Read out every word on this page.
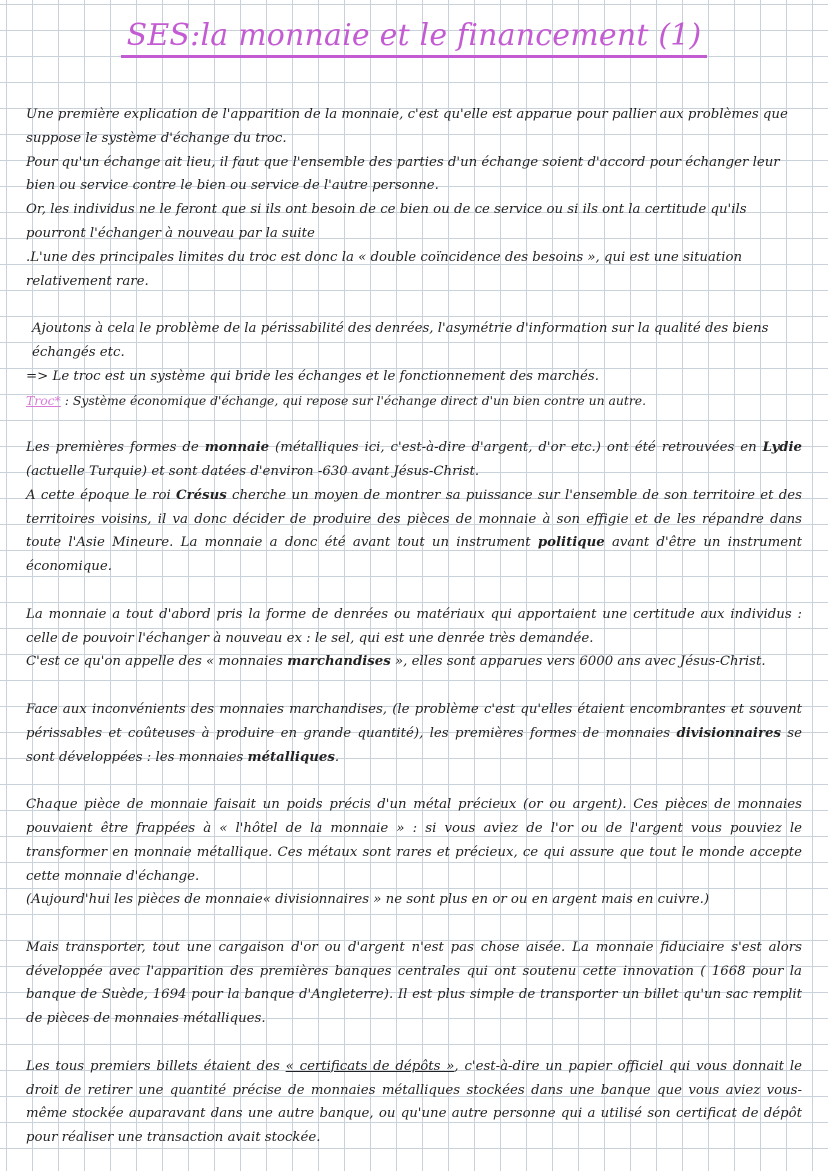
SES:la monnaie et le financement (1)

Une première explication de l'apparition de la monnaie, c'est qu'elle est apparue pour pallier aux problèmes que suppose le système d'échange du troc.

Pour qu'un échange ait lieu, il faut que l'ensemble des parties d'un échange soient d'accord pour échanger leur bien ou service contre le bien ou service de l'autre personne.

Or, les individus ne le feront que si ils ont besoin de ce bien ou de ce service ou si ils ont la certitude qu'ils pourront l'échanger à nouveau par la suite

.L'une des principales limites du troc est donc la « double coïncidence des besoins », qui est une situation relativement rare.

Ajoutons à cela le problème de la périssabilité des denrées, l'asymétrie d'information sur la qualité des biens échangés etc.

=> Le troc est un système qui bride les échanges et le fonctionnement des marchés.

Troc* : Système économique d'échange, qui repose sur l'échange direct d'un bien contre un autre.

Les premières formes de monnaie (métalliques ici, c'est-à-dire d'argent, d'or etc.) ont été retrouvées en Lydie (actuelle Turquie) et sont datées d'environ -630 avant Jésus-Christ.

A cette époque le roi Crésus cherche un moyen de montrer sa puissance sur l'ensemble de son territoire et des territoires voisins, il va donc décider de produire des pièces de monnaie à son effigie et de les répandre dans toute l'Asie Mineure. La monnaie a donc été avant tout un instrument politique avant d'être un instrument économique.

La monnaie a tout d'abord pris la forme de denrées ou matériaux qui apportaient une certitude aux individus : celle de pouvoir l'échanger à nouveau ex : le sel, qui est une denrée très demandée.

C'est ce qu'on appelle des « monnaies marchandises », elles sont apparues vers 6000 ans avec Jésus-Christ.

Face aux inconvénients des monnaies marchandises, (le problème c'est qu'elles étaient encombrantes et souvent périssables et coûteuses à produire en grande quantité), les premières formes de monnaies divisionnaires se sont développées : les monnaies métalliques.

Chaque pièce de monnaie faisait un poids précis d'un métal précieux (or ou argent). Ces pièces de monnaies pouvaient être frappées à « l'hôtel de la monnaie » : si vous aviez de l'or ou de l'argent vous pouviez le transformer en monnaie métallique. Ces métaux sont rares et précieux, ce qui assure que tout le monde accepte cette monnaie d'échange.

(Aujourd'hui les pièces de monnaie« divisionnaires » ne sont plus en or ou en argent mais en cuivre.)

Mais transporter, tout une cargaison d'or ou d'argent n'est pas chose aisée. La monnaie fiduciaire s'est alors développée avec l'apparition des premières banques centrales qui ont soutenu cette innovation ( 1668 pour la banque de Suède, 1694 pour la banque d'Angleterre). Il est plus simple de transporter un billet qu'un sac remplit de pièces de monnaies métalliques.

Les tous premiers billets étaient des « certificats de dépôts », c'est-à-dire un papier officiel qui vous donnait le droit de retirer une quantité précise de monnaies métalliques stockées dans une banque que vous aviez vous-même stockée auparavant dans une autre banque, ou qu'une autre personne qui a utilisé son certificat de dépôt pour réaliser une transaction avait stockée.
